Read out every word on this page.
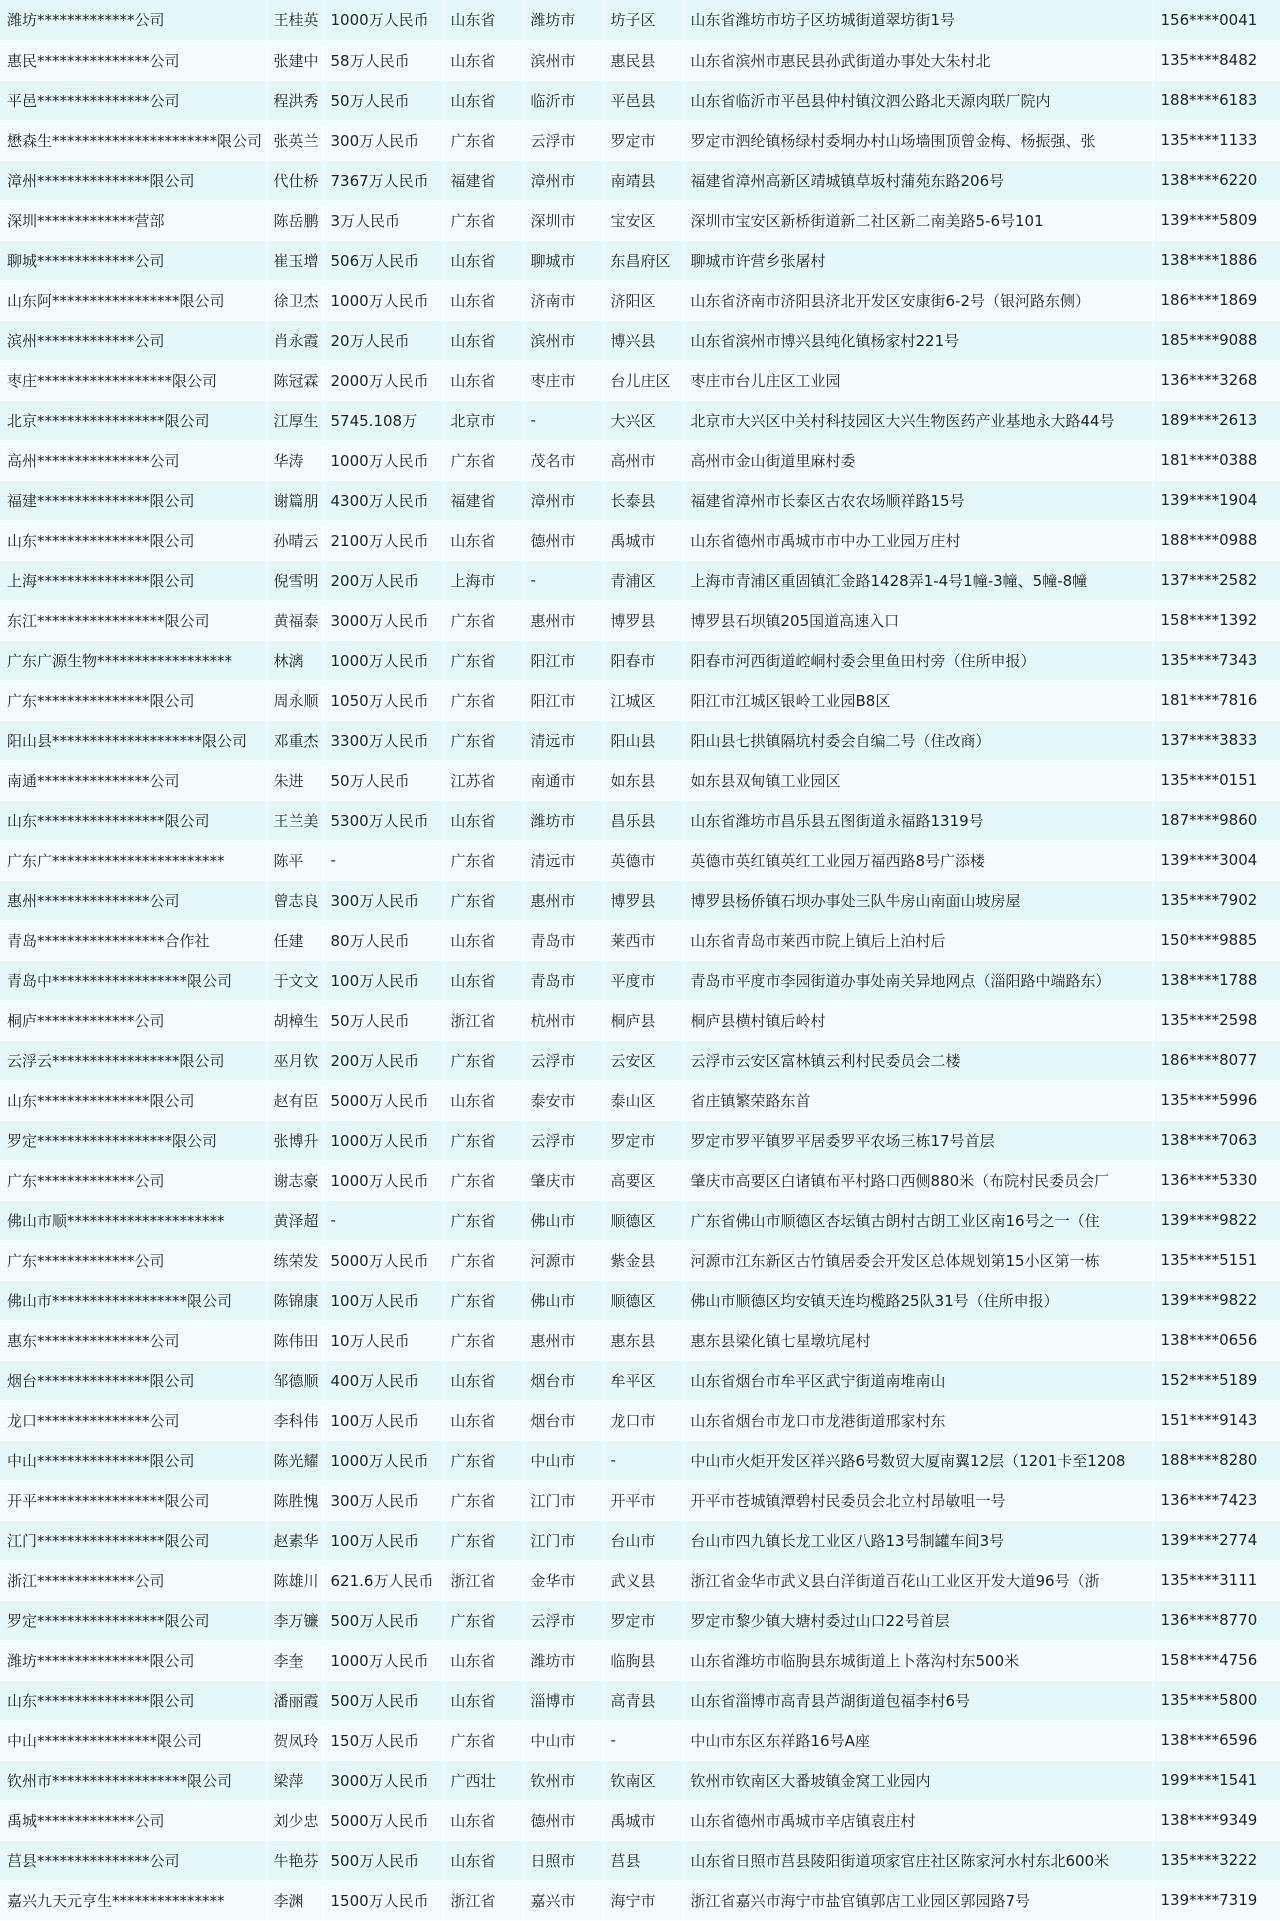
潍坊*************公司	王桂英	1000万人民币	山东省	潍坊市	坊子区	山东省潍坊市坊子区坊城街道翠坊街1号	156****0041
惠民***************公司	张建中	58万人民币	山东省	滨州市	惠民县	山东省滨州市惠民县孙武街道办事处大朱村北	135****8482
平邑***************公司	程洪秀	50万人民币	山东省	临沂市	平邑县	山东省临沂市平邑县仲村镇汶泗公路北天源肉联厂院内	188****6183
懋森生**********************限公司	张英兰	300万人民币	广东省	云浮市	罗定市	罗定市泗纶镇杨绿村委垌办村山场墙围顶曾金梅、杨振强、张	135****1133
漳州***************限公司	代仕桥	7367万人民币	福建省	漳州市	南靖县	福建省漳州高新区靖城镇草坂村蒲苑东路206号	138****6220
深圳*************营部	陈岳鹏	3万人民币	广东省	深圳市	宝安区	深圳市宝安区新桥街道新二社区新二南美路5-6号101	139****5809
聊城*************公司	崔玉增	506万人民币	山东省	聊城市	东昌府区	聊城市许营乡张屠村	138****1886
山东阿*****************限公司	徐卫杰	1000万人民币	山东省	济南市	济阳区	山东省济南市济阳县济北开发区安康街6-2号（银河路东侧）	186****1869
滨州*************公司	肖永霞	20万人民币	山东省	滨州市	博兴县	山东省滨州市博兴县纯化镇杨家村221号	185****9088
枣庄******************限公司	陈冠霖	2000万人民币	山东省	枣庄市	台儿庄区	枣庄市台儿庄区工业园	136****3268
北京*****************限公司	江厚生	5745.108万	北京市	-	大兴区	北京市大兴区中关村科技园区大兴生物医药产业基地永大路44号	189****2613
高州***************公司	华涛	1000万人民币	广东省	茂名市	高州市	高州市金山街道里麻村委	181****0388
福建***************限公司	谢篇朋	4300万人民币	福建省	漳州市	长泰县	福建省漳州市长泰区古农农场顺祥路15号	139****1904
山东***************限公司	孙晴云	2100万人民币	山东省	德州市	禹城市	山东省德州市禹城市市中办工业园万庄村	188****0988
上海***************限公司	倪雪明	200万人民币	上海市	-	青浦区	上海市青浦区重固镇汇金路1428弄1-4号1幢-3幢、5幢-8幢	137****2582
东江*****************限公司	黄福泰	3000万人民币	广东省	惠州市	博罗县	博罗县石坝镇205国道高速入口	158****1392
广东广源生物******************	林漓	1000万人民币	广东省	阳江市	阳春市	阳春市河西街道崆峒村委会里鱼田村旁（住所申报）	135****7343
广东***************限公司	周永顺	1050万人民币	广东省	阳江市	江城区	阳江市江城区银岭工业园B8区	181****7816
阳山县********************限公司	邓重杰	3300万人民币	广东省	清远市	阳山县	阳山县七拱镇隔坑村委会自编二号（住改商）	137****3833
南通***************公司	朱进	50万人民币	江苏省	南通市	如东县	如东县双甸镇工业园区	135****0151
山东*****************限公司	王兰美	5300万人民币	山东省	潍坊市	昌乐县	山东省潍坊市昌乐县五图街道永福路1319号	187****9860
广东广***********************	陈平	-	广东省	清远市	英德市	英德市英红镇英红工业园万福西路8号广添楼	139****3004
惠州***************公司	曾志良	300万人民币	广东省	惠州市	博罗县	博罗县杨侨镇石坝办事处三队牛房山南面山坡房屋	135****7902
青岛*****************合作社	任建	80万人民币	山东省	青岛市	莱西市	山东省青岛市莱西市院上镇后上泊村后	150****9885
青岛中******************限公司	于文文	100万人民币	山东省	青岛市	平度市	青岛市平度市李园街道办事处南关异地网点（淄阳路中端路东）	138****1788
桐庐*************公司	胡樟生	50万人民币	浙江省	杭州市	桐庐县	桐庐县横村镇后岭村	135****2598
云浮云*****************限公司	巫月钦	200万人民币	广东省	云浮市	云安区	云浮市云安区富林镇云利村民委员会二楼	186****8077
山东***************限公司	赵有臣	5000万人民币	山东省	泰安市	泰山区	省庄镇繁荣路东首	135****5996
罗定******************限公司	张博升	1000万人民币	广东省	云浮市	罗定市	罗定市罗平镇罗平居委罗平农场三栋17号首层	138****7063
广东*************公司	谢志豪	1000万人民币	广东省	肇庆市	高要区	肇庆市高要区白诸镇布平村路口西侧880米（布院村民委员会厂	136****5330
佛山市顺*********************	黄泽超	-	广东省	佛山市	顺德区	广东省佛山市顺德区杏坛镇古朗村古朗工业区南16号之一（住	139****9822
广东*************公司	练荣发	5000万人民币	广东省	河源市	紫金县	河源市江东新区古竹镇居委会开发区总体规划第15小区第一栋	135****5151
佛山市******************限公司	陈锦康	100万人民币	广东省	佛山市	顺德区	佛山市顺德区均安镇天连均榄路25队31号（住所申报）	139****9822
惠东***************公司	陈伟田	10万人民币	广东省	惠州市	惠东县	惠东县梁化镇七星墩坑尾村	138****0656
烟台***************限公司	邹德顺	400万人民币	山东省	烟台市	牟平区	山东省烟台市牟平区武宁街道南堆南山	152****5189
龙口***************公司	李科伟	100万人民币	山东省	烟台市	龙口市	山东省烟台市龙口市龙港街道邢家村东	151****9143
中山***************限公司	陈光耀	1000万人民币	广东省	中山市	-	中山市火炬开发区祥兴路6号数贸大厦南翼12层（1201卡至1208	188****8280
开平*****************限公司	陈胜愧	300万人民币	广东省	江门市	开平市	开平市苍城镇潭碧村民委员会北立村昂敏咀一号	136****7423
江门*****************限公司	赵素华	100万人民币	广东省	江门市	台山市	台山市四九镇长龙工业区八路13号制罐车间3号	139****2774
浙江*************公司	陈雄川	621.6万人民币	浙江省	金华市	武义县	浙江省金华市武义县白洋街道百花山工业区开发大道96号（浙	135****3111
罗定*****************限公司	李万镰	500万人民币	广东省	云浮市	罗定市	罗定市黎少镇大塘村委过山口22号首层	136****8770
潍坊***************限公司	李奎	1000万人民币	山东省	潍坊市	临朐县	山东省潍坊市临朐县东城街道上卜落沟村东500米	158****4756
山东***************限公司	潘丽霞	500万人民币	山东省	淄博市	高青县	山东省淄博市高青县芦湖街道包福李村6号	135****5800
中山****************限公司	贺凤玲	150万人民币	广东省	中山市	-	中山市东区东祥路16号A座	138****6596
钦州市******************限公司	梁萍	3000万人民币	广西壮	钦州市	钦南区	钦州市钦南区大番坡镇金窝工业园内	199****1541
禹城*************公司	刘少忠	5000万人民币	山东省	德州市	禹城市	山东省德州市禹城市辛店镇袁庄村	138****9349
莒县***************公司	牛艳芬	500万人民币	山东省	日照市	莒县	山东省日照市莒县陵阳街道项家官庄社区陈家河水村东北600米	135****3222
嘉兴九天元亨生***************	李渊	1500万人民币	浙江省	嘉兴市	海宁市	浙江省嘉兴市海宁市盐官镇郭店工业园区郭园路7号	139****7319
